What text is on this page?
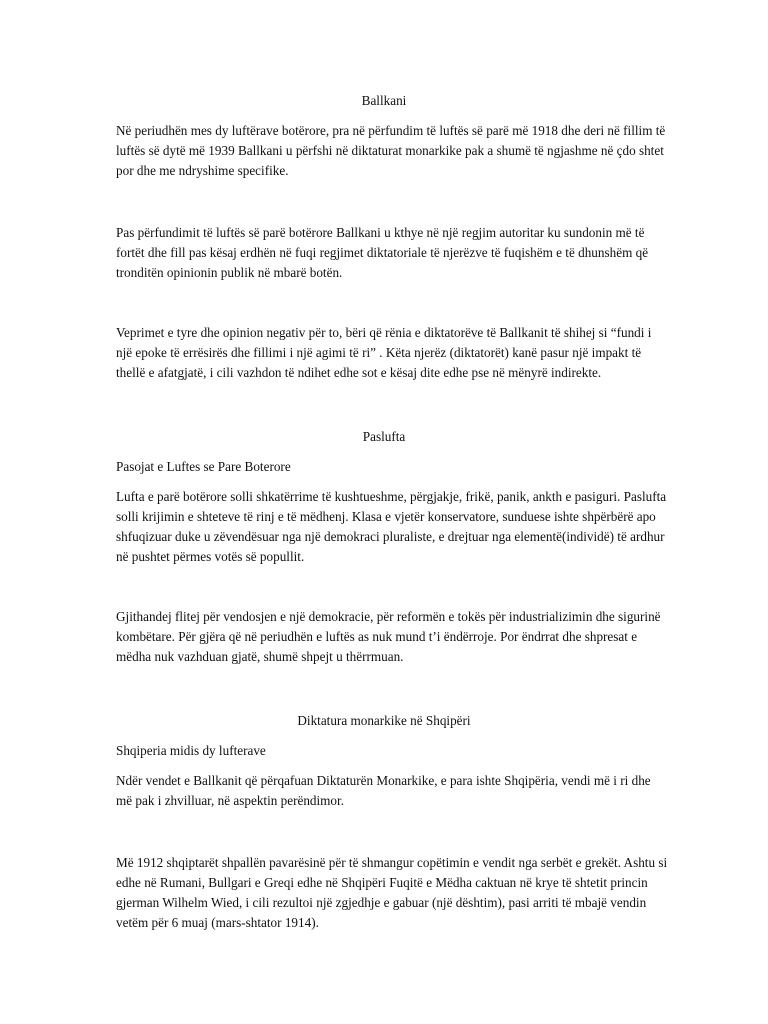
Ballkani

Në periudhën mes dy luftërave botërore, pra në përfundim të luftës së parë më 1918 dhe deri në fillim të luftës së dytë më 1939 Ballkani u përfshi në diktaturat monarkike pak a shumë të ngjashme në çdo shtet por dhe me ndryshime specifike.

Pas përfundimit të luftës së parë botërore Ballkani u kthye në një regjim autoritar ku sundonin më të fortët dhe fill pas kësaj erdhën në fuqi regjimet diktatoriale të njerëzve të fuqishëm e të dhunshëm që tronditën opinionin publik në mbarë botën.

Veprimet e tyre dhe opinion negativ për to, bëri që rënia e diktatorëve të Ballkanit të shihej si “fundi i një epoke të errësirës dhe fillimi i një agimi të ri” . Këta njerëz (diktatorët) kanë pasur një impakt të thellë e afatgjatë, i cili vazhdon të ndihet edhe sot e kësaj dite edhe pse në mënyrë indirekte.

Paslufta

Pasojat e Luftes se Pare Boterore

Lufta e parë botërore solli shkatërrime të kushtueshme, përgjakje, frikë, panik, ankth e pasiguri. Paslufta solli krijimin e shteteve të rinj e të mëdhenj. Klasa e vjetër konservatore, sunduese ishte shpërbërë apo shfuqizuar duke u zëvendësuar nga një demokraci pluraliste, e drejtuar nga elementë(individë) të ardhur në pushtet përmes votës së popullit.

Gjithandej flitej për vendosjen e një demokracie, për reformën e tokës për industrializimin dhe sigurinë kombëtare. Për gjëra që në periudhën e luftës as nuk mund t’i ëndërroje. Por ëndrrat dhe shpresat e mëdha nuk vazhduan gjatë, shumë shpejt u thërrmuan.

Diktatura monarkike në Shqipëri

Shqiperia midis dy lufterave

Ndër vendet e Ballkanit që përqafuan Diktaturën Monarkike, e para ishte Shqipëria, vendi më i ri dhe më pak i zhvilluar, në aspektin perëndimor.

Më 1912 shqiptarët shpallën pavarësinë për të shmangur copëtimin e vendit nga serbët e grekët. Ashtu si edhe në Rumani, Bullgari e Greqi edhe në Shqipëri Fuqitë e Mëdha caktuan në krye të shtetit princin gjerman Wilhelm Wied, i cili rezultoi një zgjedhje e gabuar (një dështim), pasi arriti të mbajë vendin vetëm për 6 muaj (mars-shtator 1914).
